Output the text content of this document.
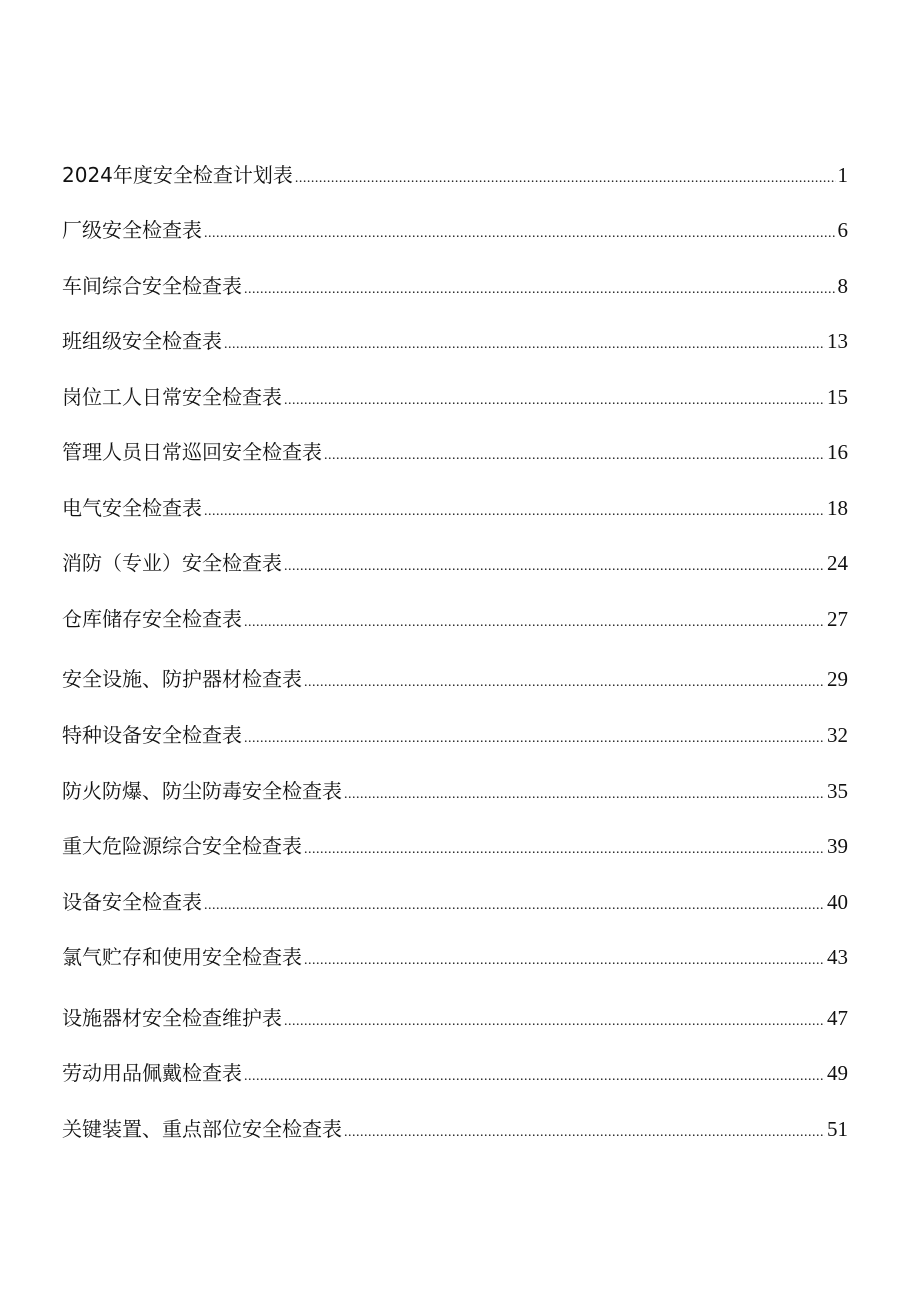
2024年度安全检查计划表 .....	1
厂级安全检查表 .....	6
车间综合安全检查表 .....	8
班组级安全检查表 .....	13
岗位工人日常安全检查表 .....	15
管理人员日常巡回安全检查表 .....	16
电气安全检查表 .....	18
消防（专业）安全检查表 .....	24
仓库储存安全检查表 .....	27
安全设施、防护器材检查表 .....	29
特种设备安全检查表 .....	32
防火防爆、防尘防毒安全检查表 .....	35
重大危险源综合安全检查表 .....	39
设备安全检查表 .....	40
氯气贮存和使用安全检查表 .....	43
设施器材安全检查维护表 .....	47
劳动用品佩戴检查表 .....	49
关键装置、重点部位安全检查表 .....	51
